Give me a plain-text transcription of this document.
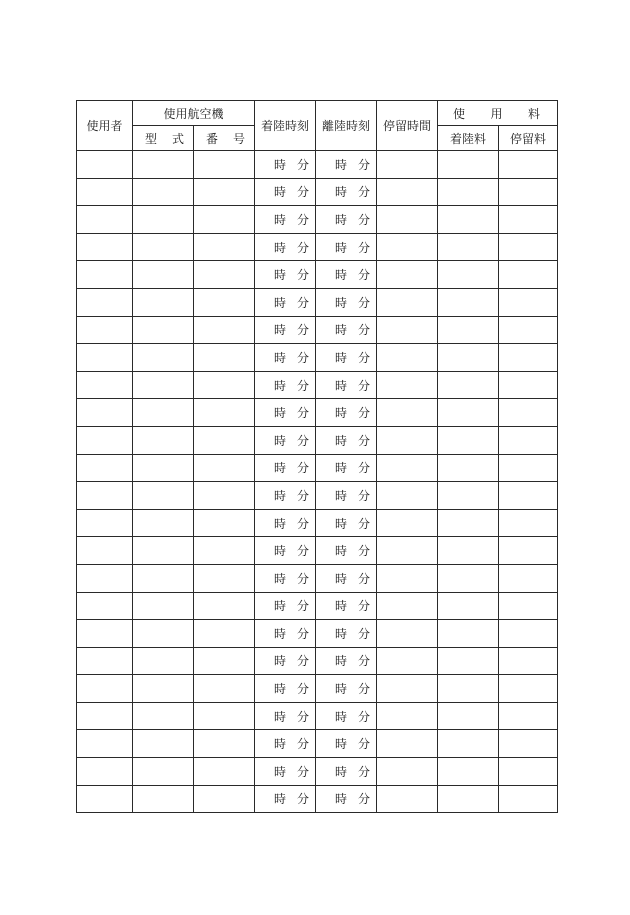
使用者	使用航空機		着陸時刻	離陸時刻	停留時間	使 用 料	

	型 式	番 号				着陸料	停留料

			時 分	時 分			

			時 分	時 分			

			時 分	時 分			

			時 分	時 分			

			時 分	時 分			

			時 分	時 分			

			時 分	時 分			

			時 分	時 分			

			時 分	時 分			

			時 分	時 分			

			時 分	時 分			

			時 分	時 分			

			時 分	時 分			

			時 分	時 分			

			時 分	時 分			

			時 分	時 分			

			時 分	時 分			

			時 分	時 分			

			時 分	時 分			

			時 分	時 分			

			時 分	時 分			

			時 分	時 分			

			時 分	時 分			

			時 分	時 分			
